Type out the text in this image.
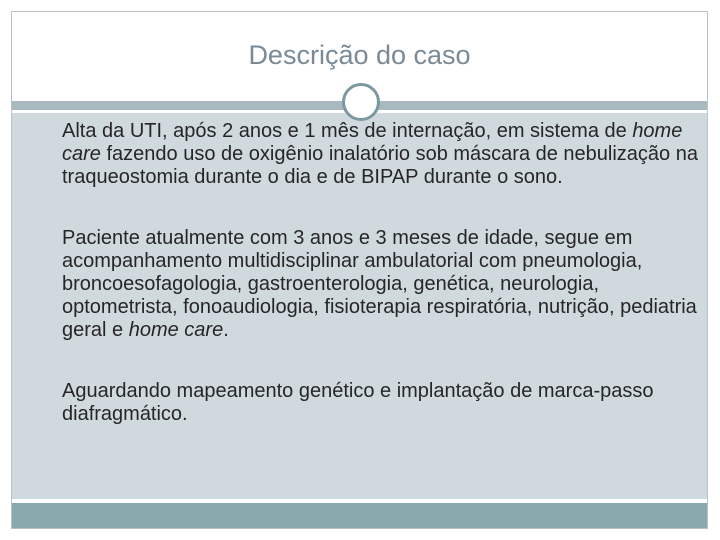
Descrição do caso
Alta da UTI, após 2 anos e 1 mês de internação, em sistema de home care fazendo uso de oxigênio inalatório sob máscara de nebulização na traqueostomia durante o dia e de BIPAP durante o sono.
Paciente atualmente com 3 anos e 3 meses de idade, segue em acompanhamento multidisciplinar ambulatorial com pneumologia, broncoesofagologia, gastroenterologia, genética, neurologia, optometrista, fonoaudiologia, fisioterapia respiratória, nutrição, pediatria geral e home care.
Aguardando mapeamento genético e implantação de marca-passo diafragmático.
